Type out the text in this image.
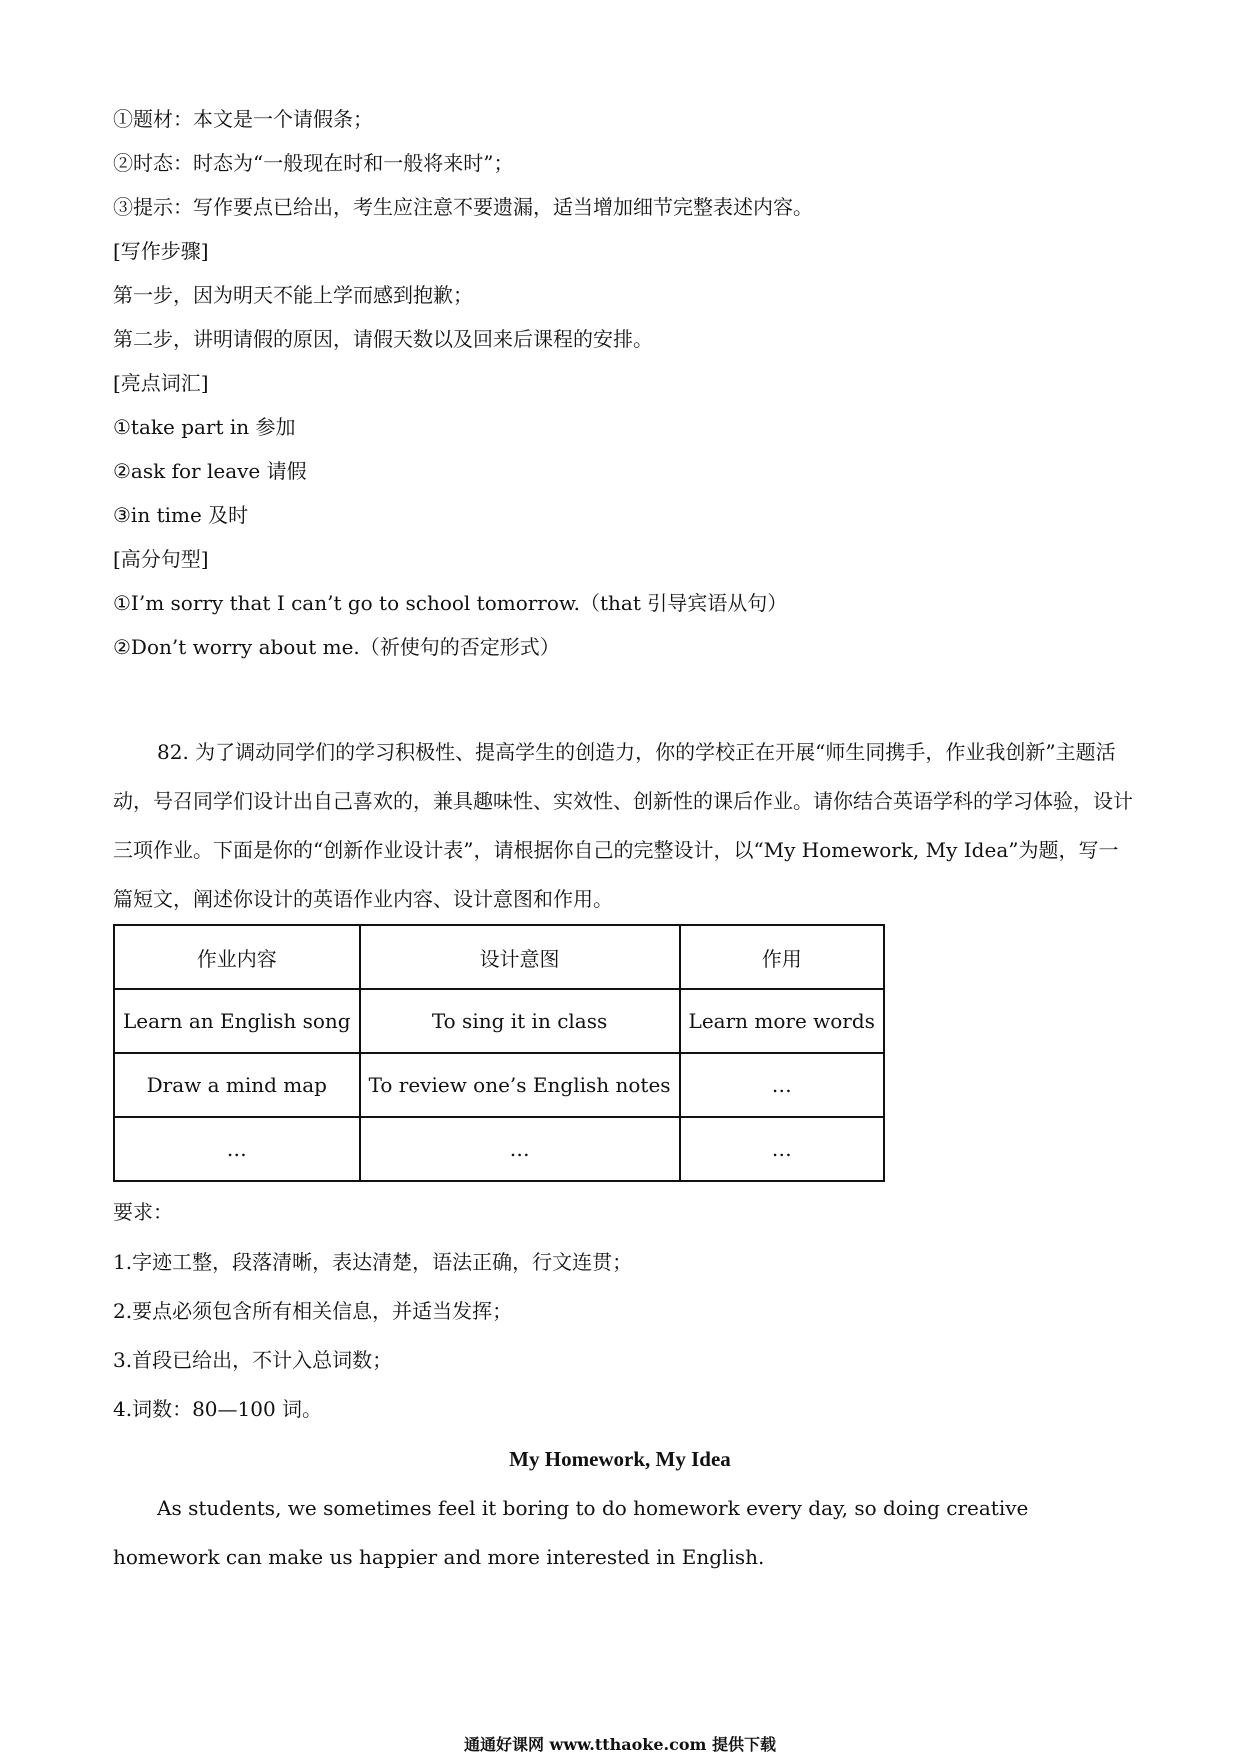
①题材：本文是一个请假条；
②时态：时态为“一般现在时和一般将来时”；
③提示：写作要点已给出，考生应注意不要遗漏，适当增加细节完整表述内容。
[写作步骤]
第一步，因为明天不能上学而感到抱歉；
第二步，讲明请假的原因，请假天数以及回来后课程的安排。
[亮点词汇]
①take part in 参加
②ask for leave 请假
③in time 及时
[高分句型]
①I’m sorry that I can’t go to school tomorrow.（that 引导宾语从句）
②Don’t worry about me.（祈使句的否定形式）
82. 为了调动同学们的学习积极性、提高学生的创造力，你的学校正在开展“师生同携手，作业我创新”主题活动，号召同学们设计出自己喜欢的，兼具趣味性、实效性、创新性的课后作业。请你结合英语学科的学习体验，设计三项作业。下面是你的“创新作业设计表”，请根据你自己的完整设计，以“My Homework, My Idea”为题，写一篇短文，阐述你设计的英语作业内容、设计意图和作用。
作业内容	设计意图	作用
Learn an English song	To sing it in class	Learn more words
Draw a mind map	To review one’s English notes	…
…	…	…
要求：
1.字迹工整，段落清晰，表达清楚，语法正确，行文连贯；
2.要点必须包含所有相关信息，并适当发挥；
3.首段已给出，不计入总词数；
4.词数：80—100 词。
My Homework, My Idea
As students, we sometimes feel it boring to do homework every day, so doing creative homework can make us happier and more interested in English.
通通好课网 www.tthaoke.com 提供下载
